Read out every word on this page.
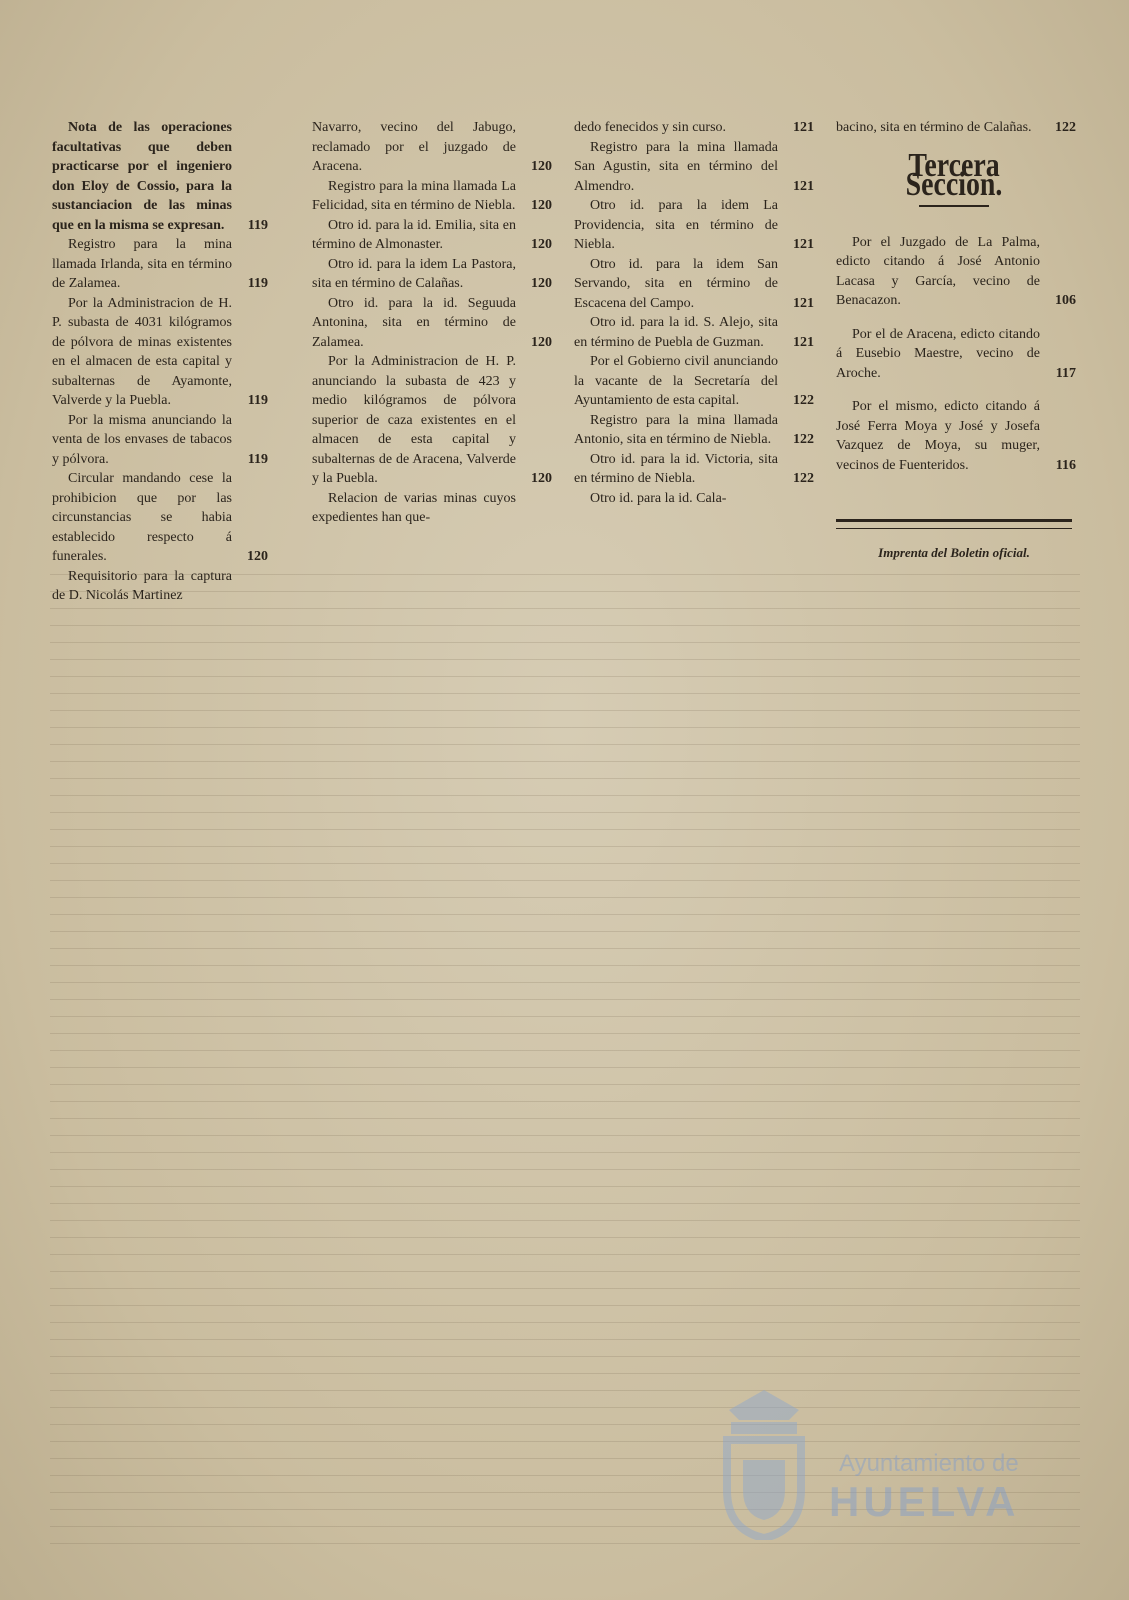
Nota de las operaciones facultativas que deben practicarse por el ingeniero don Eloy de Cossio, para la sustanciacion de las minas que en la misma se expresan.	119
Registro para la mina llamada Irlanda, sita en término de Zalamea.	119
Por la Administracion de H. P. subasta de 4031 kilógramos de pólvora de minas existentes en el almacen de esta capital y subalternas de Ayamonte, Valverde y la Puebla.	119
Por la misma anunciando la venta de los envases de tabacos y pólvora.	119
Circular mandando cese la prohibicion que por las circunstancias se habia establecido respecto á funerales.	120
Requisitorio para la captura de D. Nicolás Martinez
Navarro, vecino del Jabugo, reclamado por el juzgado de Aracena.	120
Registro para la mina llamada La Felicidad, sita en término de Niebla. 120
Otro id. para la id. Emilia, sita en término de Almonaster.	120
Otro id. para la idem La Pastora, sita en término de Calañas.	120
Otro id. para la id. Seguuda Antonina, sita en término de Zalamea.	120
Por la Administracion de H. P. anunciando la subasta de 423 y medio kilógramos de pólvora superior de caza existentes en el almacen de esta capital y subalternas de de Aracena, Valverde y la Puebla.	120
Relacion de varias minas cuyos expedientes han que-
dedo fenecidos y sin curso.	121
Registro para la mina llamada San Agustin, sita en término del Almendro.	121
Otro id. para la idem La Providencia, sita en término de Niebla.	121
Otro id. para la idem San Servando, sita en término de Escacena del Campo.	121
Otro id. para la id. S. Alejo, sita en término de Puebla de Guzman.	121
Por el Gobierno civil anunciando la vacante de la Secretaría del Ayuntamiento de esta capital.	122
Registro para la mina llamada Antonio, sita en término de Niebla.	122
Otro id. para la id. Victoria, sita en término de Niebla.	122
Otro id. para la id. Cala-
bacino, sita en término de Calañas.	122
Tercera Seccion.
Por el Juzgado de La Palma, edicto citando á José Antonio Lacasa y García, vecino de Benacazon.	106
Por el de Aracena, edicto citando á Eusebio Maestre, vecino de Aroche.	117
Por el mismo, edicto citando á José Ferra Moya y José y Josefa Vazquez de Moya, su muger, vecinos de Fuenteridos.	116
Imprenta del Boletin oficial.
Ayuntamiento de
HUELVA
